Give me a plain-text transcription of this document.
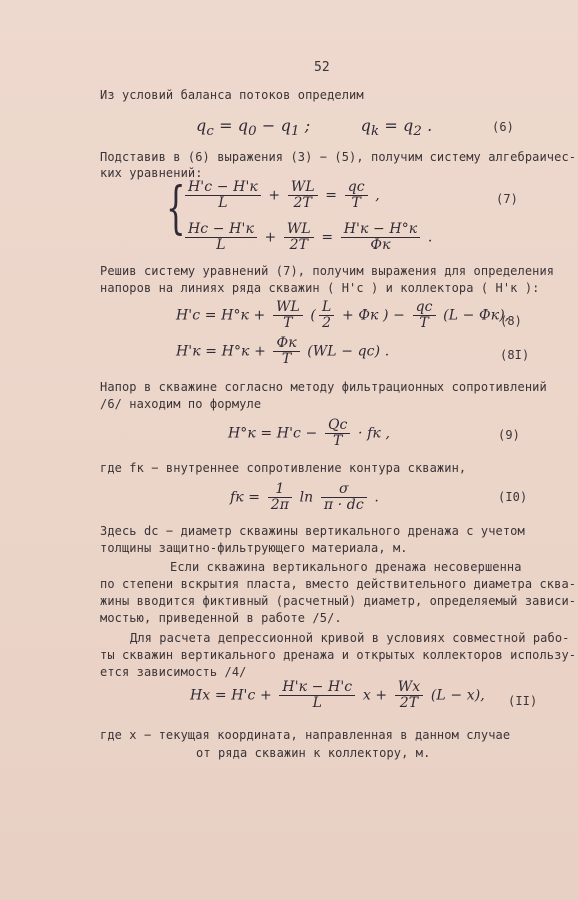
52
Из условий баланса потоков определим
$q_c = q_0 - q_1$ ;	$q_k = q_2$ .	(6)
Подставив в (6) выражения (3) − (5), получим систему алгебраичес-
ких уравнений:
{ $\frac{H'c - H'к}{L} + \frac{WL}{2T} = \frac{qc}{T}$ ,	(7)
$\frac{Hc - H'к}{L} + \frac{WL}{2T} = \frac{H'к - H^\circ к}{Фк}$ .
Решив систему уравнений (7), получим выражения для определения
напоров на линиях ряда скважин ( H'c ) и коллектора ( H'к ):
$H'c = H^\circ к + \frac{WL}{T}$ ( $\frac{L}{2}$ + Фк ) − $\frac{qc}{T} (L - Фк)$,
(8)
$H'к = H^\circ к + \frac{Фк}{T} (WL - qc)$ .	(8I)
Напор в скважине согласно методу фильтрационных сопротивлений
/6/ находим по формуле
$H^\circ к = H'c - \frac{Qc}{T}$ · fк ,	(9)
где fк − внутреннее сопротивление контура скважин,
fк = $\frac{1}{2\pi}$ $\ln \frac{\sigma}{\pi \cdot dc}$ .	(I0)
Здесь dc − диаметр скважины вертикального дренажа с учетом
толщины защитно-фильтрующего материала, м.
Если скважина вертикального дренажа несовершенна
по степени вскрытия пласта, вместо действительного диаметра сква-
жины вводится фиктивный (расчетный) диаметр, определяемый зависи-
мостью, приведенной в работе /5/.
Для расчета депрессионной кривой в условиях совместной рабо-
ты скважин вертикального дренажа и открытых коллекторов использу-
ется зависимость /4/
$Hx = H'c + \frac{H'к - H'c}{L}$ $x + \frac{Wx}{2T} (L - x)$, (II)
где x − текущая координата, направленная в данном случае
от ряда скважин к коллектору, м.
